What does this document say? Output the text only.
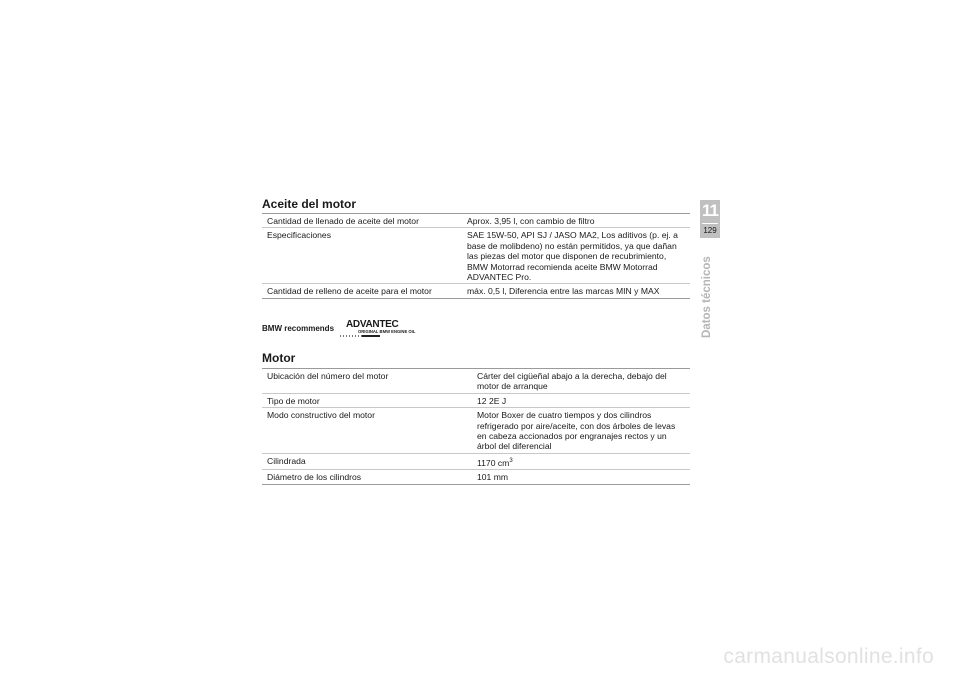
Aceite del motor
Cantidad de llenado de aceite del motor	Aprox. 3,95 l, con cambio de filtro
Especificaciones	SAE 15W-50, API SJ / JASO MA2, Los aditivos (p. ej. a base de molibdeno) no están permitidos, ya que dañan las piezas del motor que disponen de recubrimiento, BMW Motorrad recomienda aceite BMW Motorrad ADVANTEC Pro.
Cantidad de relleno de aceite para el motor	máx. 0,5 l, Diferencia entre las marcas MIN y MAX
BMW recommends ADVANTEC
ORIGINAL BMW ENGINE OIL
Motor
Ubicación del número del motor	Cárter del cigüeñal abajo a la derecha, debajo del motor de arranque
Tipo de motor	12 2E J
Modo constructivo del motor	Motor Boxer de cuatro tiempos y dos cilindros refrigerado por aire/aceite, con dos árboles de levas en cabeza accionados por engranajes rectos y un árbol del diferencial
Cilindrada	1170 $cm^3$
Diámetro de los cilindros	101 mm
11
129
Datos técnicos
carmanualsonline.info
